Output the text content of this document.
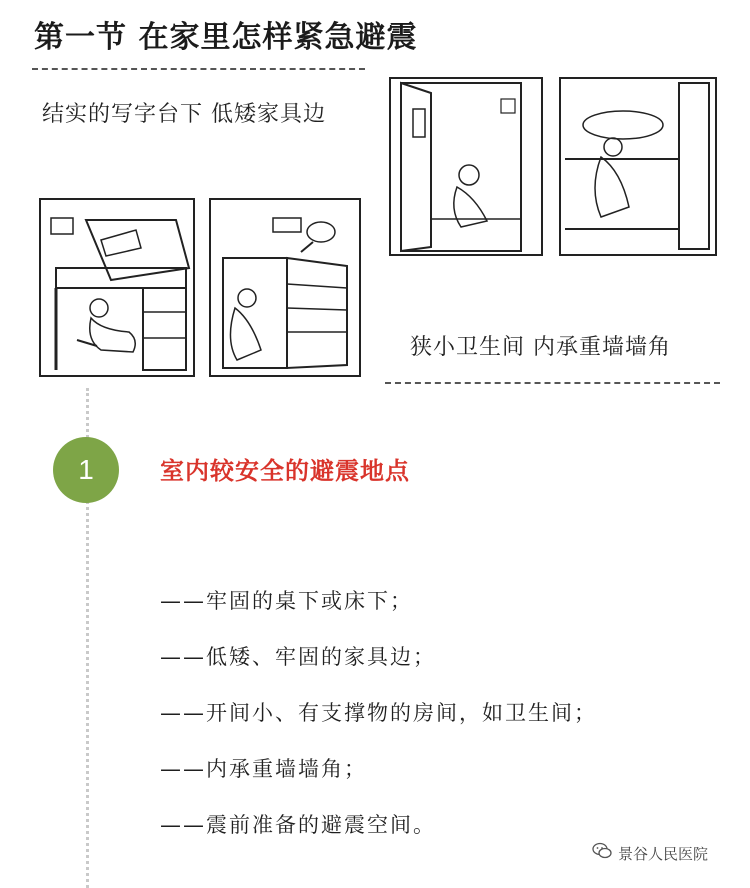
第一节 在家里怎样紧急避震
结实的写字台下 低矮家具边
狭小卫生间 内承重墙墙角
1	室内较安全的避震地点
——牢固的桌下或床下；
——低矮、牢固的家具边；
——开间小、有支撑物的房间，如卫生间；
——内承重墙墙角；
——震前准备的避震空间。
景谷人民医院
